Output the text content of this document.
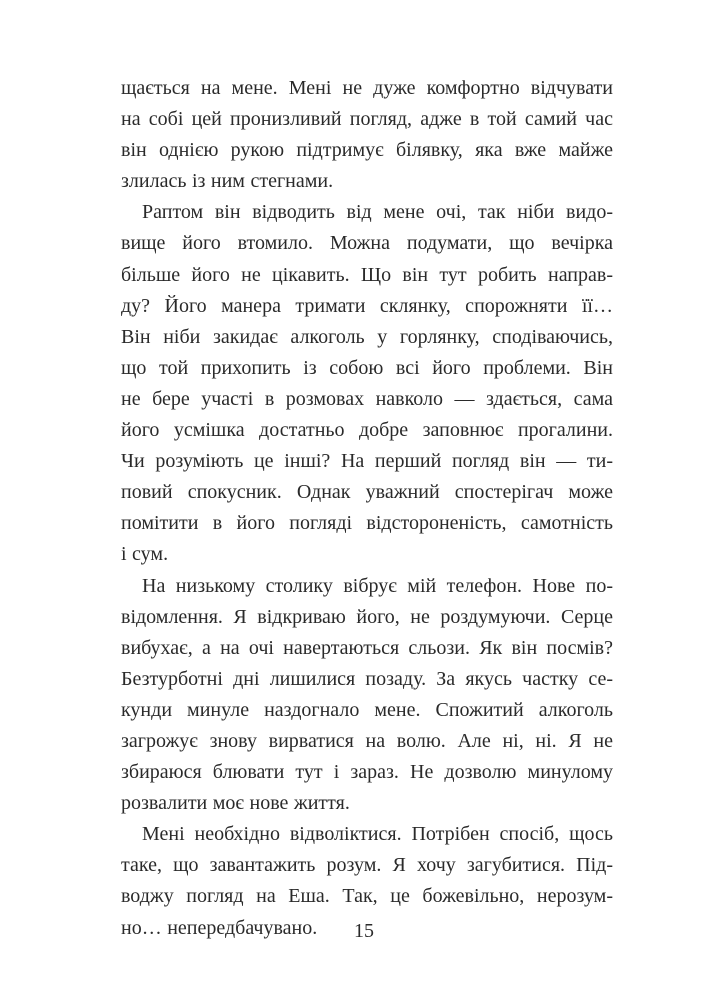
щається на мене. Мені не дуже комфортно відчувати
на собі цей пронизливий погляд, адже в той самий час
він однією рукою підтримує білявку, яка вже майже
злилась із ним стегнами.
Раптом він відводить від мене очі, так ніби видо-
вище його втомило. Можна подумати, що вечірка
більше його не цікавить. Що він тут робить направ-
ду? Його манера тримати склянку, спорожняти її…
Він ніби закидає алкоголь у горлянку, сподіваючись,
що той прихопить із собою всі його проблеми. Він
не бере участі в розмовах навколо — здається, сама
його усмішка достатньо добре заповнює прогалини.
Чи розуміють це інші? На перший погляд він — ти-
повий спокусник. Однак уважний спостерігач може
помітити в його погляді відстороненість, самотність
і сум.
На низькому столику вібрує мій телефон. Нове по-
відомлення. Я відкриваю його, не роздумуючи. Серце
вибухає, а на очі навертаються сльози. Як він посмів?
Безтурботні дні лишилися позаду. За якусь частку се-
кунди минуле наздогнало мене. Спожитий алкоголь
загрожує знову вирватися на волю. Але ні, ні. Я не
збираюся блювати тут і зараз. Не дозволю минулому
розвалити моє нове життя.
Мені необхідно відволіктися. Потрібен спосіб, щось
таке, що завантажить розум. Я хочу загубитися. Під-
воджу погляд на Еша. Так, це божевільно, нерозум-
но… непередбачувано.	15
